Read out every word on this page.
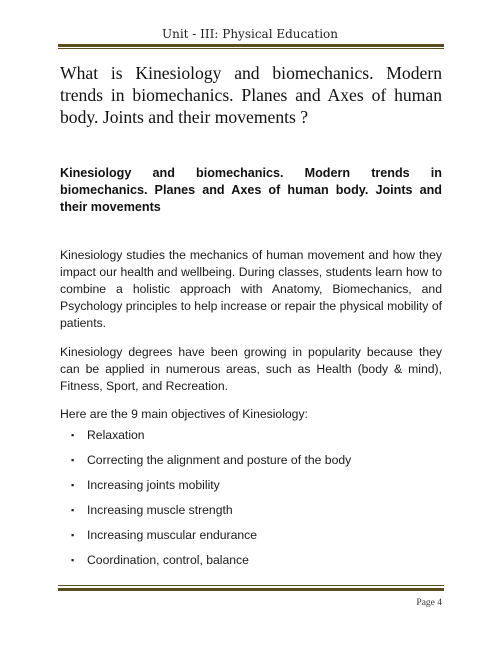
Unit - III: Physical Education
What is Kinesiology and biomechanics. Modern trends in biomechanics. Planes and Axes of human body. Joints and their movements ?
Kinesiology and biomechanics. Modern trends in biomechanics. Planes and Axes of human body. Joints and their movements

Kinesiology studies the mechanics of human movement and how they impact our health and wellbeing. During classes, students learn how to combine a holistic approach with Anatomy, Biomechanics, and Psychology principles to help increase or repair the physical mobility of patients.

Kinesiology degrees have been growing in popularity because they can be applied in numerous areas, such as Health (body & mind), Fitness, Sport, and Recreation.

Here are the 9 main objectives of Kinesiology:

▪	Relaxation
▪	Correcting the alignment and posture of the body
▪	Increasing joints mobility
▪	Increasing muscle strength
▪	Increasing muscular endurance
▪	Coordination, control, balance
Page 4
